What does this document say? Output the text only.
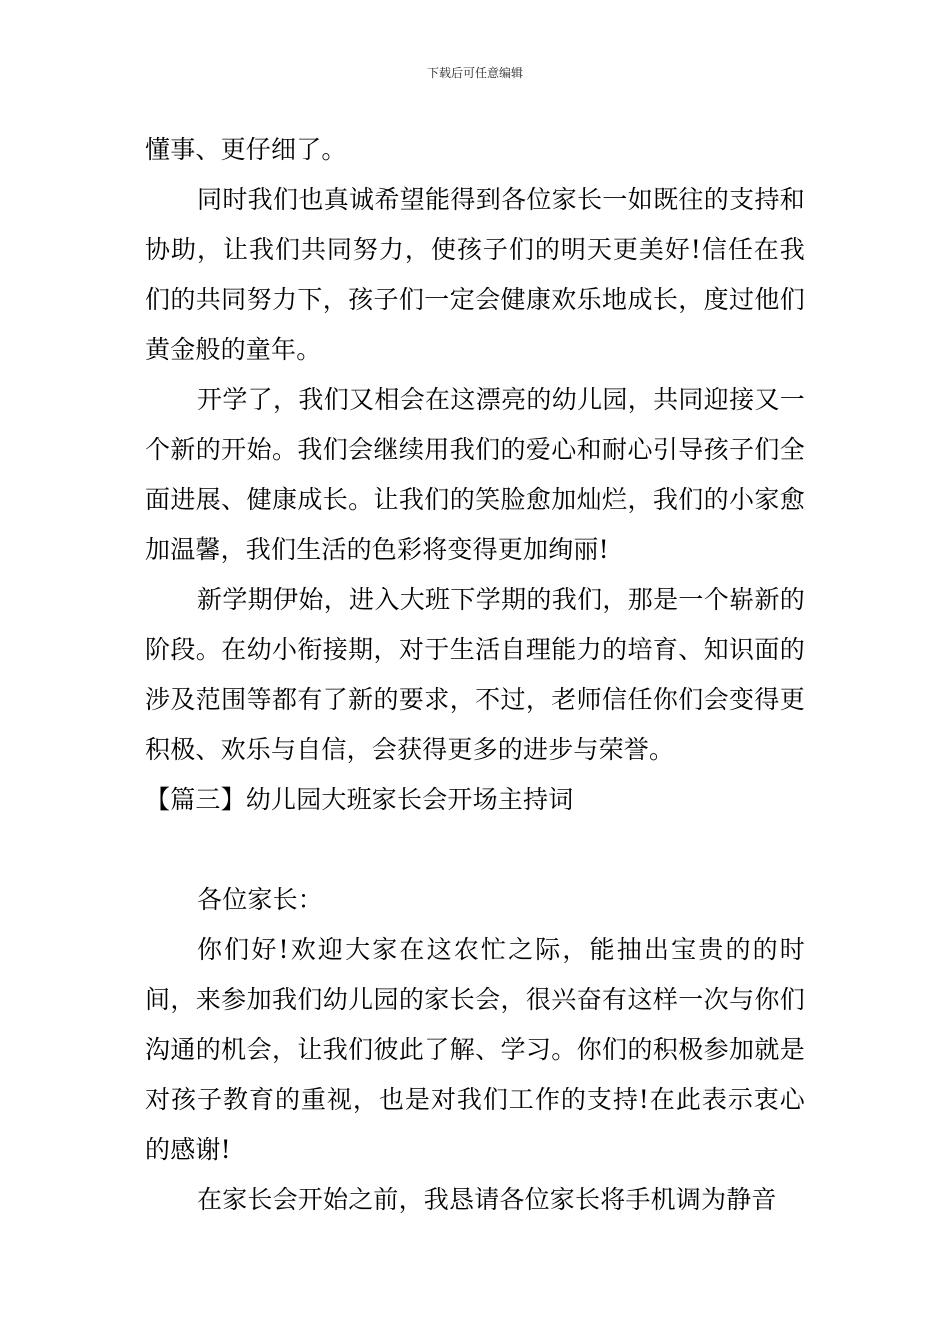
下载后可任意编辑

懂事、更仔细了。

同时我们也真诚希望能得到各位家长一如既往的支持和协助，让我们共同努力，使孩子们的明天更美好!信任在我们的共同努力下，孩子们一定会健康欢乐地成长，度过他们黄金般的童年。

开学了，我们又相会在这漂亮的幼儿园，共同迎接又一个新的开始。我们会继续用我们的爱心和耐心引导孩子们全面进展、健康成长。让我们的笑脸愈加灿烂，我们的小家愈加温馨，我们生活的色彩将变得更加绚丽!

新学期伊始，进入大班下学期的我们，那是一个崭新的阶段。在幼小衔接期，对于生活自理能力的培育、知识面的涉及范围等都有了新的要求，不过，老师信任你们会变得更积极、欢乐与自信，会获得更多的进步与荣誉。

【篇三】幼儿园大班家长会开场主持词

各位家长：

你们好!欢迎大家在这农忙之际，能抽出宝贵的的时间，来参加我们幼儿园的家长会，很兴奋有这样一次与你们沟通的机会，让我们彼此了解、学习。你们的积极参加就是对孩子教育的重视，也是对我们工作的支持!在此表示衷心的感谢!

在家长会开始之前，我恳请各位家长将手机调为静音
